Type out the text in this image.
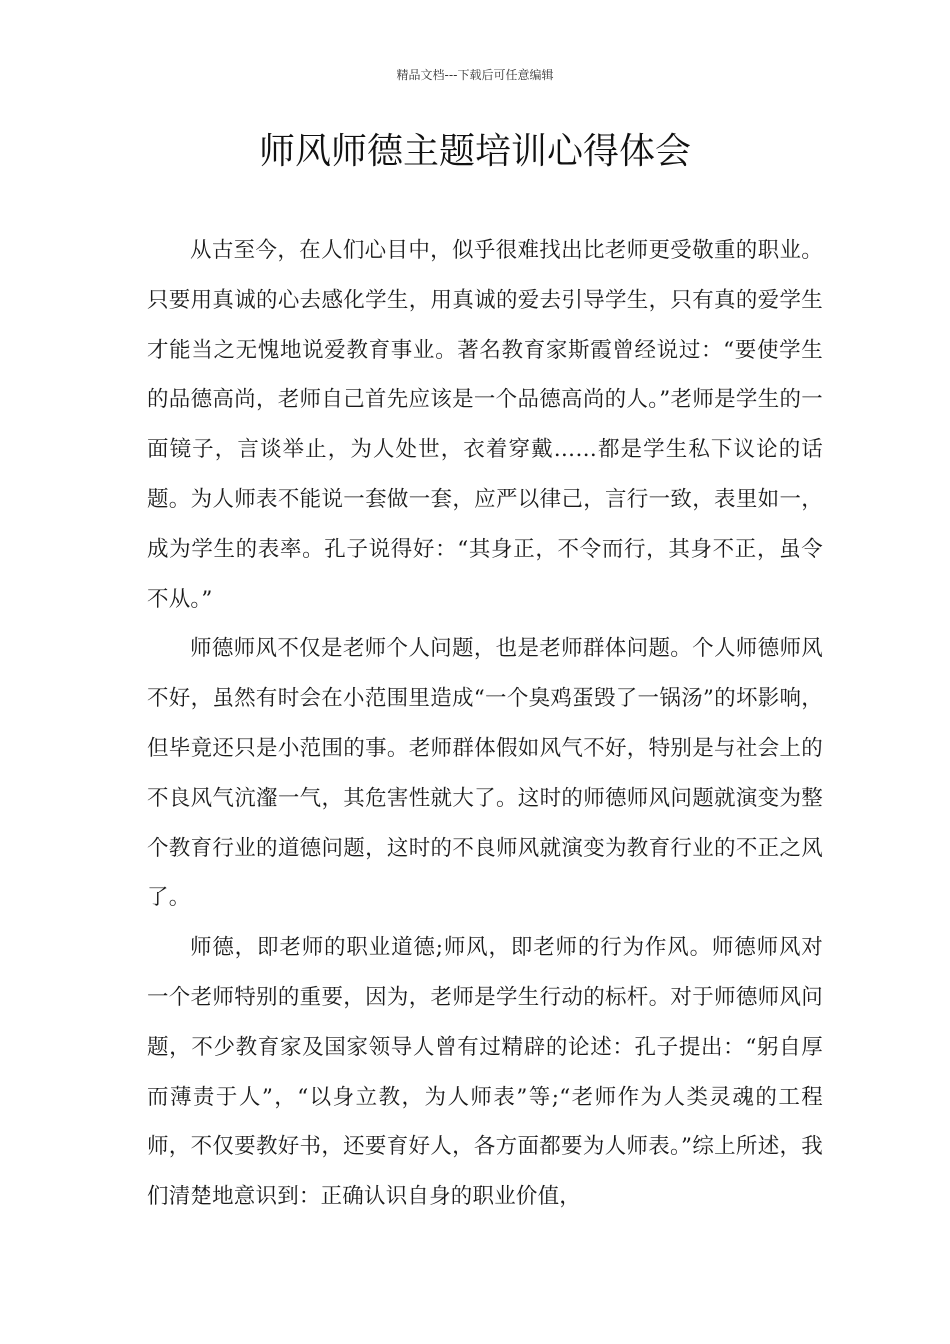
精品文档---下载后可任意编辑
师风师德主题培训心得体会

从古至今，在人们心目中，似乎很难找出比老师更受敬重的职业。只要用真诚的心去感化学生，用真诚的爱去引导学生，只有真的爱学生才能当之无愧地说爱教育事业。著名教育家斯霞曾经说过：“要使学生的品德高尚，老师自己首先应该是一个品德高尚的人。”老师是学生的一面镜子，言谈举止，为人处世，衣着穿戴……都是学生私下议论的话题。为人师表不能说一套做一套，应严以律己，言行一致，表里如一，成为学生的表率。孔子说得好：“其身正，不令而行，其身不正，虽令不从。”

师德师风不仅是老师个人问题，也是老师群体问题。个人师德师风不好，虽然有时会在小范围里造成“一个臭鸡蛋毁了一锅汤”的坏影响，但毕竟还只是小范围的事。老师群体假如风气不好，特别是与社会上的不良风气沆瀣一气，其危害性就大了。这时的师德师风问题就演变为整个教育行业的道德问题，这时的不良师风就演变为教育行业的不正之风了。

师德，即老师的职业道德;师风，即老师的行为作风。师德师风对一个老师特别的重要，因为，老师是学生行动的标杆。对于师德师风问题，不少教育家及国家领导人曾有过精辟的论述：孔子提出：“躬自厚而薄责于人”，“以身立教，为人师表”等;“老师作为人类灵魂的工程师，不仅要教好书，还要育好人，各方面都要为人师表。”综上所述，我们清楚地意识到：正确认识自身的职业价值，
